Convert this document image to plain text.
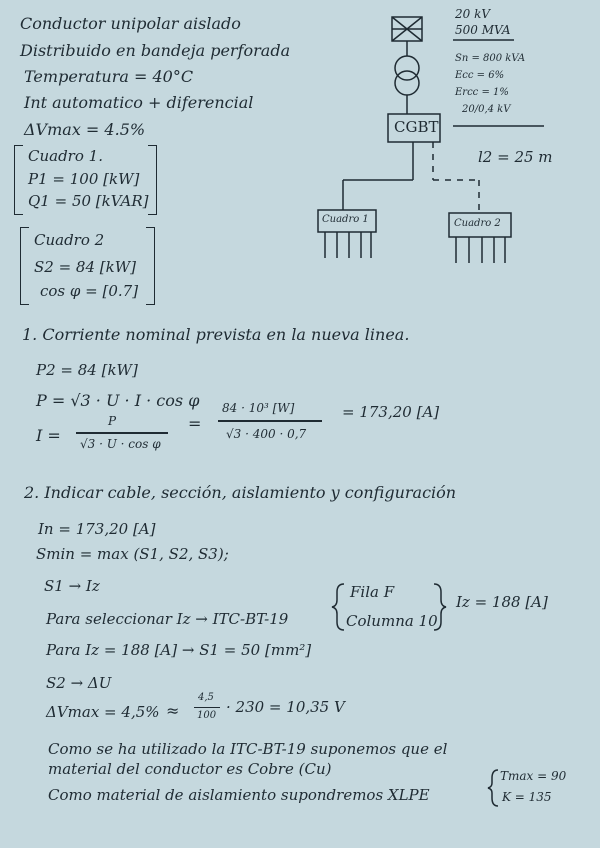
Conductor unipolar aislado
Distribuido en bandeja perforada
Temperatura = 40°C
Int automatico + diferencial
ΔVmax = 4.5%
Cuadro 1.
P1 = 100 [kW]
Q1 = 50 [kVAR]
Cuadro 2
S2 = 84 [kW]
cos φ = [0.7]
20 kV
500 MVA
Sn = 800 kVA
Ecc = 6%
Ercc = 1%
20/0,4 kV
CGBT
l2 = 25 m
Cuadro 1	Cuadro 2
1. Corriente nominal prevista en la nueva linea.
P2 = 84 [kW]
P = √3 · U · I · cos φ
I =
P
√3 · U · cos φ
=
84 · 10³ [W]
√3 · 400 · 0,7
= 173,20 [A]
2. Indicar cable, sección, aislamiento y configuración
In = 173,20 [A]
Smin = max (S1, S2, S3);
S1 → Iz
Para seleccionar Iz → ITC-BT-19
Fila F
Columna 10
Iz = 188 [A]
Para Iz = 188 [A] → S1 = 50 [mm²]
S2 → ΔU
ΔVmax = 4,5% ≈
4,5
100 · 230 = 10,35 V
Como se ha utilizado la ITC-BT-19 suponemos que el
material del conductor es Cobre (Cu)
Como material de aislamiento supondremos XLPE
Tmax = 90
K = 135
